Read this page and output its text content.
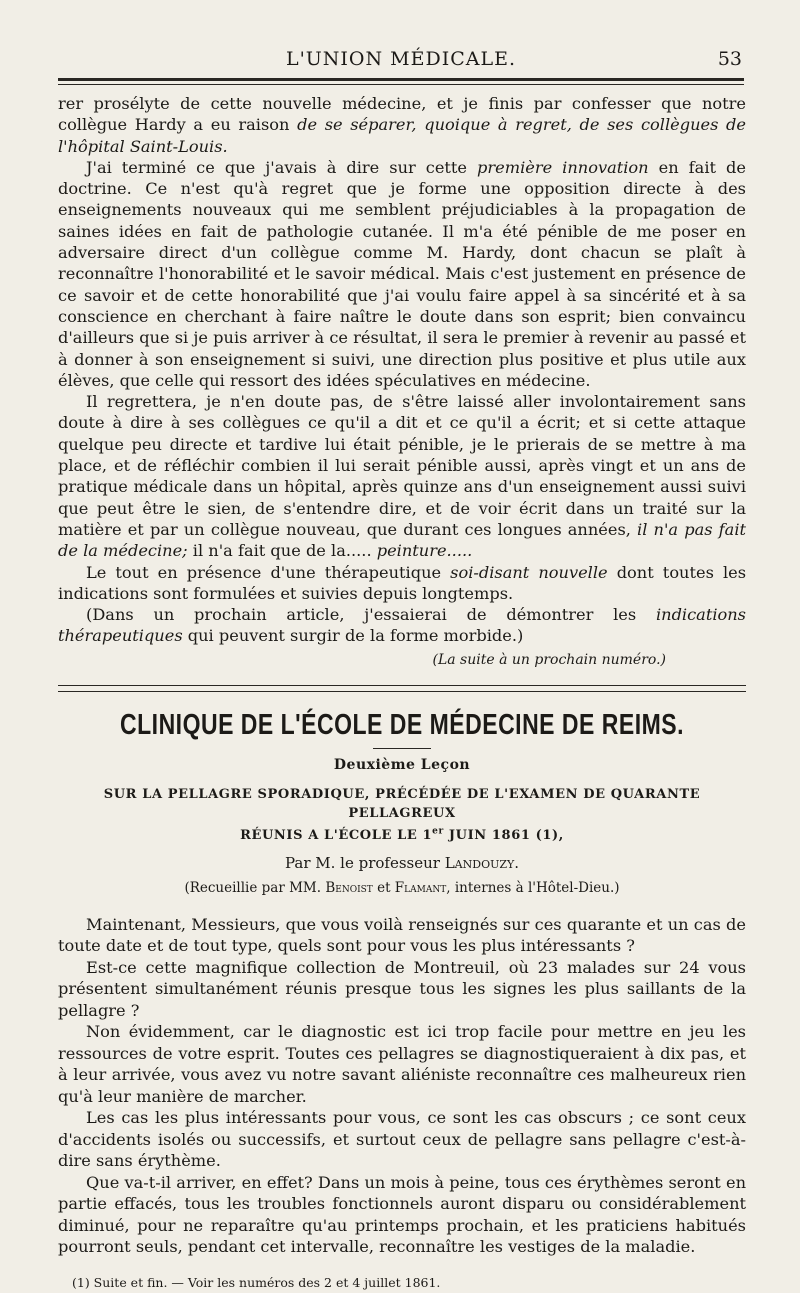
L'UNION MÉDICALE.	53

rer prosélyte de cette nouvelle médecine, et je finis par confesser que notre collègue Hardy a eu raison de se séparer, quoique à regret, de ses collègues de l'hôpital Saint-Louis.

J'ai terminé ce que j'avais à dire sur cette première innovation en fait de doctrine. Ce n'est qu'à regret que je forme une opposition directe à des enseignements nouveaux qui me semblent préjudiciables à la propagation de saines idées en fait de pathologie cutanée. Il m'a été pénible de me poser en adversaire direct d'un collègue comme M. Hardy, dont chacun se plaît à reconnaître l'honorabilité et le savoir médical. Mais c'est justement en présence de ce savoir et de cette honorabilité que j'ai voulu faire appel à sa sincérité et à sa conscience en cherchant à faire naître le doute dans son esprit; bien convaincu d'ailleurs que si je puis arriver à ce résultat, il sera le premier à revenir au passé et à donner à son enseignement si suivi, une direction plus positive et plus utile aux élèves, que celle qui ressort des idées spéculatives en médecine.

Il regrettera, je n'en doute pas, de s'être laissé aller involontairement sans doute à dire à ses collègues ce qu'il a dit et ce qu'il a écrit; et si cette attaque quelque peu directe et tardive lui était pénible, je le prierais de se mettre à ma place, et de réfléchir combien il lui serait pénible aussi, après vingt et un ans de pratique médicale dans un hôpital, après quinze ans d'un enseignement aussi suivi que peut être le sien, de s'entendre dire, et de voir écrit dans un traité sur la matière et par un collègue nouveau, que durant ces longues années, il n'a pas fait de la médecine; il n'a fait que de la..... peinture.....

Le tout en présence d'une thérapeutique soi-disant nouvelle dont toutes les indications sont formulées et suivies depuis longtemps.

(Dans un prochain article, j'essaierai de démontrer les indications thérapeutiques qui peuvent surgir de la forme morbide.)

(La suite à un prochain numéro.)

CLINIQUE DE L'ÉCOLE DE MÉDECINE DE REIMS.
Deuxième Leçon
SUR LA PELLAGRE SPORADIQUE, PRÉCÉDÉE DE L'EXAMEN DE QUARANTE PELLAGREUX
RÉUNIS A L'ÉCOLE LE 1er JUIN 1861 (1),
Par M. le professeur Landouzy.
(Recueillie par MM. Benoist et Flamant, internes à l'Hôtel-Dieu.)

Maintenant, Messieurs, que vous voilà renseignés sur ces quarante et un cas de toute date et de tout type, quels sont pour vous les plus intéressants ?

Est-ce cette magnifique collection de Montreuil, où 23 malades sur 24 vous présentent simultanément réunis presque tous les signes les plus saillants de la pellagre ?

Non évidemment, car le diagnostic est ici trop facile pour mettre en jeu les ressources de votre esprit. Toutes ces pellagres se diagnostiqueraient à dix pas, et à leur arrivée, vous avez vu notre savant aliéniste reconnaître ces malheureux rien qu'à leur manière de marcher.

Les cas les plus intéressants pour vous, ce sont les cas obscurs ; ce sont ceux d'accidents isolés ou successifs, et surtout ceux de pellagre sans pellagre c'est-à-dire sans érythème.

Que va-t-il arriver, en effet? Dans un mois à peine, tous ces érythèmes seront en partie effacés, tous les troubles fonctionnels auront disparu ou considérablement diminué, pour ne reparaître qu'au printemps prochain, et les praticiens habitués pourront seuls, pendant cet intervalle, reconnaître les vestiges de la maladie.

(1) Suite et fin. — Voir les numéros des 2 et 4 juillet 1861.
